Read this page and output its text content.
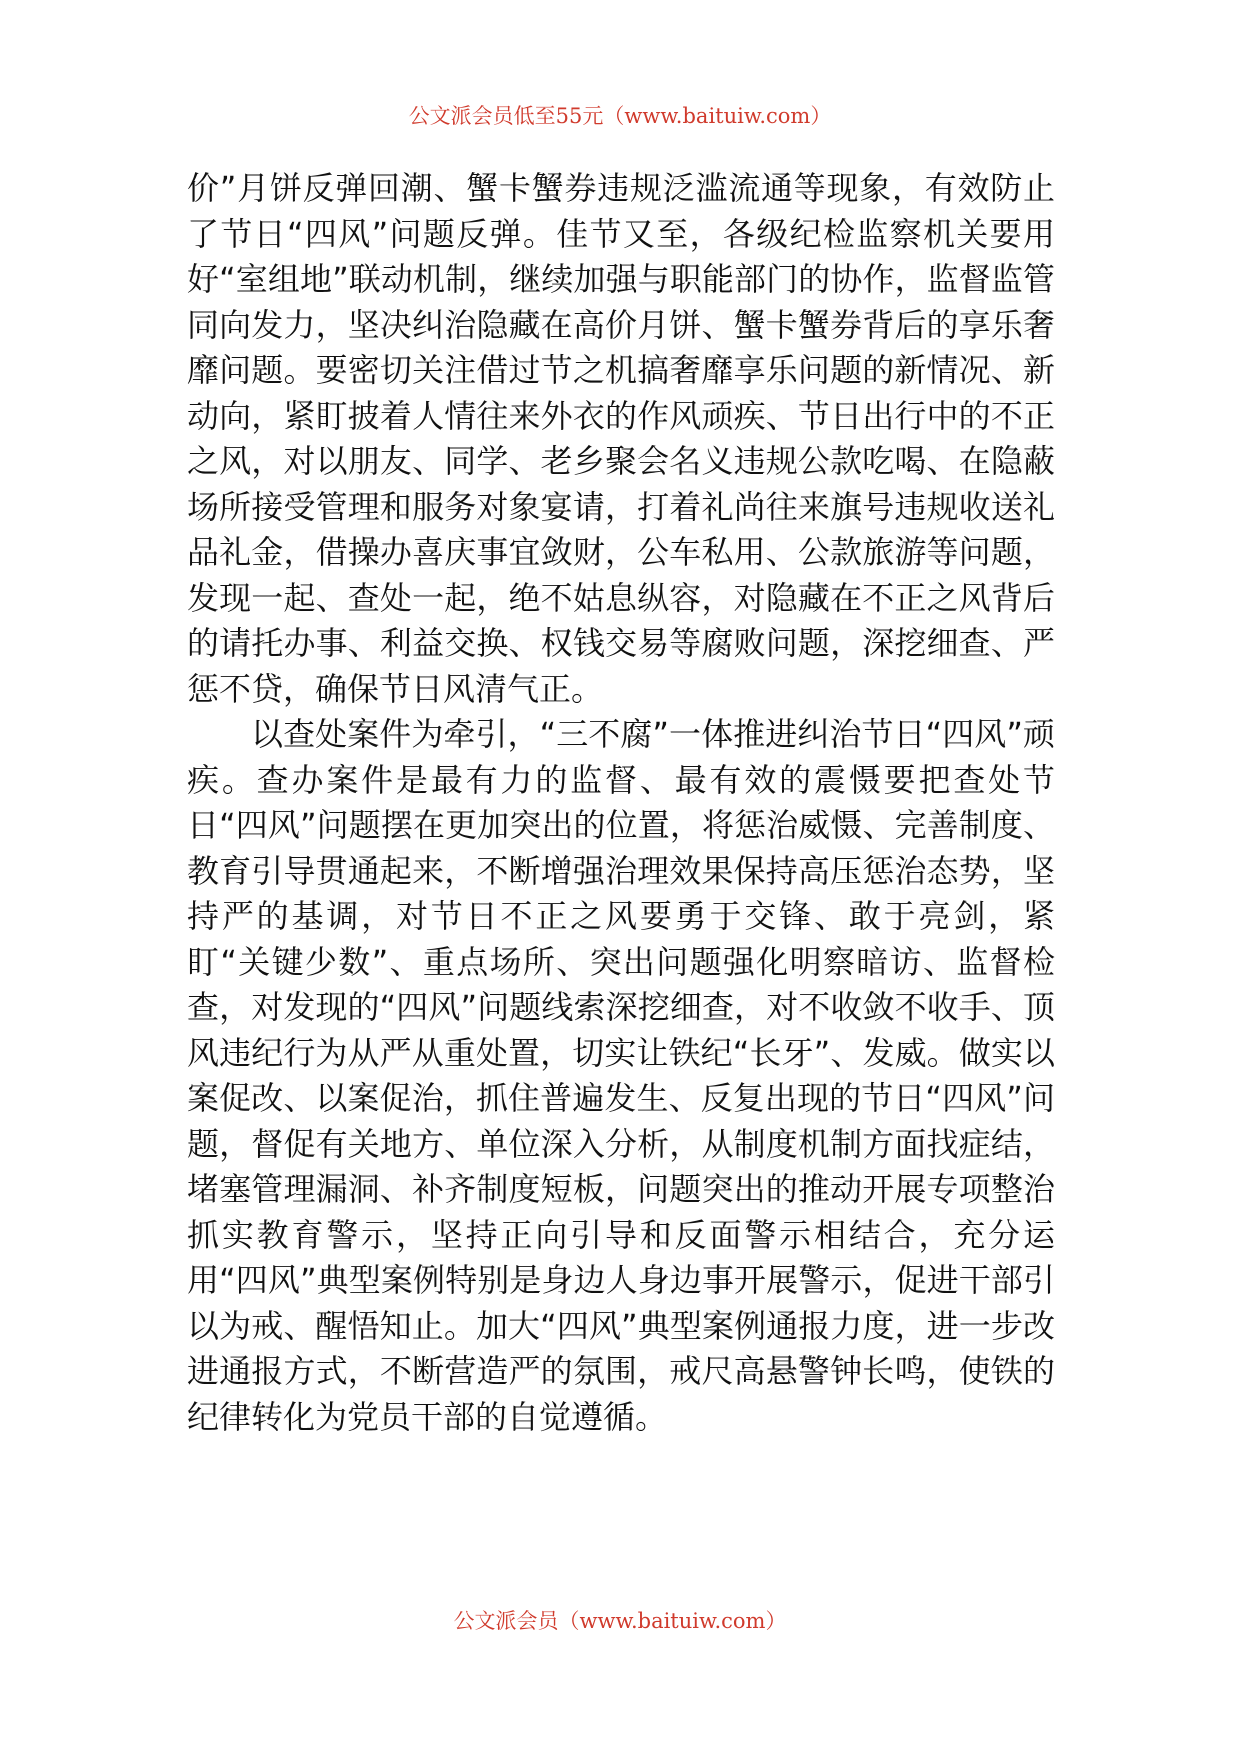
公文派会员低至55元（www.baituiw.com）

价”月饼反弹回潮、蟹卡蟹券违规泛滥流通等现象，有效防止了节日“四风”问题反弹。佳节又至，各级纪检监察机关要用好“室组地”联动机制，继续加强与职能部门的协作，监督监管同向发力，坚决纠治隐藏在高价月饼、蟹卡蟹券背后的享乐奢靡问题。要密切关注借过节之机搞奢靡享乐问题的新情况、新动向，紧盯披着人情往来外衣的作风顽疾、节日出行中的不正之风，对以朋友、同学、老乡聚会名义违规公款吃喝、在隐蔽场所接受管理和服务对象宴请，打着礼尚往来旗号违规收送礼品礼金，借操办喜庆事宜敛财，公车私用、公款旅游等问题，发现一起、查处一起，绝不姑息纵容，对隐藏在不正之风背后的请托办事、利益交换、权钱交易等腐败问题，深挖细查、严惩不贷，确保节日风清气正。

以查处案件为牵引，“三不腐”一体推进纠治节日“四风”顽疾。查办案件是最有力的监督、最有效的震慑要把查处节日“四风”问题摆在更加突出的位置，将惩治威慑、完善制度、教育引导贯通起来，不断增强治理效果保持高压惩治态势，坚持严的基调，对节日不正之风要勇于交锋、敢于亮剑，紧盯“关键少数”、重点场所、突出问题强化明察暗访、监督检查，对发现的“四风”问题线索深挖细查，对不收敛不收手、顶风违纪行为从严从重处置，切实让铁纪“长牙”、发威。做实以案促改、以案促治，抓住普遍发生、反复出现的节日“四风”问题，督促有关地方、单位深入分析，从制度机制方面找症结，堵塞管理漏洞、补齐制度短板，问题突出的推动开展专项整治抓实教育警示，坚持正向引导和反面警示相结合，充分运用“四风”典型案例特别是身边人身边事开展警示，促进干部引以为戒、醒悟知止。加大“四风”典型案例通报力度，进一步改进通报方式，不断营造严的氛围，戒尺高悬警钟长鸣，使铁的纪律转化为党员干部的自觉遵循。

公文派会员（www.baituiw.com）
